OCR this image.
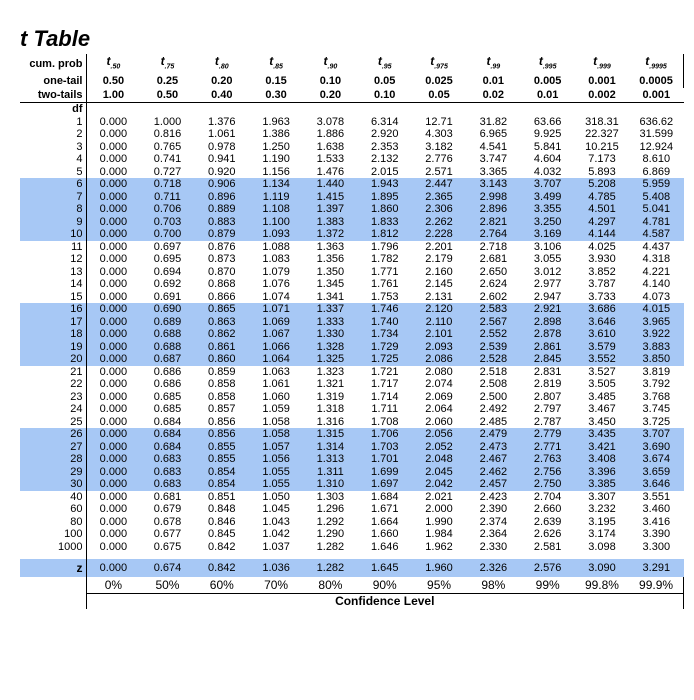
t Table
cum. prob	$t_{.50}$	$t_{.75}$	$t_{.80}$	$t_{.85}$	$t_{.90}$	$t_{.95}$	$t_{.975}$	$t_{.99}$	$t_{.995}$	$t_{.999}$	$t_{.9995}$
one-tail	0.50	0.25	0.20	0.15	0.10	0.05	0.025	0.01	0.005	0.001	0.0005
two-tails	1.00	0.50	0.40	0.30	0.20	0.10	0.05	0.02	0.01	0.002	0.001
df											
1	0.000	1.000	1.376	1.963	3.078	6.314	12.71	31.82	63.66	318.31	636.62
2	0.000	0.816	1.061	1.386	1.886	2.920	4.303	6.965	9.925	22.327	31.599
3	0.000	0.765	0.978	1.250	1.638	2.353	3.182	4.541	5.841	10.215	12.924
4	0.000	0.741	0.941	1.190	1.533	2.132	2.776	3.747	4.604	7.173	8.610
5	0.000	0.727	0.920	1.156	1.476	2.015	2.571	3.365	4.032	5.893	6.869
6	0.000	0.718	0.906	1.134	1.440	1.943	2.447	3.143	3.707	5.208	5.959
7	0.000	0.711	0.896	1.119	1.415	1.895	2.365	2.998	3.499	4.785	5.408
8	0.000	0.706	0.889	1.108	1.397	1.860	2.306	2.896	3.355	4.501	5.041
9	0.000	0.703	0.883	1.100	1.383	1.833	2.262	2.821	3.250	4.297	4.781
10	0.000	0.700	0.879	1.093	1.372	1.812	2.228	2.764	3.169	4.144	4.587
11	0.000	0.697	0.876	1.088	1.363	1.796	2.201	2.718	3.106	4.025	4.437
12	0.000	0.695	0.873	1.083	1.356	1.782	2.179	2.681	3.055	3.930	4.318
13	0.000	0.694	0.870	1.079	1.350	1.771	2.160	2.650	3.012	3.852	4.221
14	0.000	0.692	0.868	1.076	1.345	1.761	2.145	2.624	2.977	3.787	4.140
15	0.000	0.691	0.866	1.074	1.341	1.753	2.131	2.602	2.947	3.733	4.073
16	0.000	0.690	0.865	1.071	1.337	1.746	2.120	2.583	2.921	3.686	4.015
17	0.000	0.689	0.863	1.069	1.333	1.740	2.110	2.567	2.898	3.646	3.965
18	0.000	0.688	0.862	1.067	1.330	1.734	2.101	2.552	2.878	3.610	3.922
19	0.000	0.688	0.861	1.066	1.328	1.729	2.093	2.539	2.861	3.579	3.883
20	0.000	0.687	0.860	1.064	1.325	1.725	2.086	2.528	2.845	3.552	3.850
21	0.000	0.686	0.859	1.063	1.323	1.721	2.080	2.518	2.831	3.527	3.819
22	0.000	0.686	0.858	1.061	1.321	1.717	2.074	2.508	2.819	3.505	3.792
23	0.000	0.685	0.858	1.060	1.319	1.714	2.069	2.500	2.807	3.485	3.768
24	0.000	0.685	0.857	1.059	1.318	1.711	2.064	2.492	2.797	3.467	3.745
25	0.000	0.684	0.856	1.058	1.316	1.708	2.060	2.485	2.787	3.450	3.725
26	0.000	0.684	0.856	1.058	1.315	1.706	2.056	2.479	2.779	3.435	3.707
27	0.000	0.684	0.855	1.057	1.314	1.703	2.052	2.473	2.771	3.421	3.690
28	0.000	0.683	0.855	1.056	1.313	1.701	2.048	2.467	2.763	3.408	3.674
29	0.000	0.683	0.854	1.055	1.311	1.699	2.045	2.462	2.756	3.396	3.659
30	0.000	0.683	0.854	1.055	1.310	1.697	2.042	2.457	2.750	3.385	3.646
40	0.000	0.681	0.851	1.050	1.303	1.684	2.021	2.423	2.704	3.307	3.551
60	0.000	0.679	0.848	1.045	1.296	1.671	2.000	2.390	2.660	3.232	3.460
80	0.000	0.678	0.846	1.043	1.292	1.664	1.990	2.374	2.639	3.195	3.416
100	0.000	0.677	0.845	1.042	1.290	1.660	1.984	2.364	2.626	3.174	3.390
1000	0.000	0.675	0.842	1.037	1.282	1.646	1.962	2.330	2.581	3.098	3.300

z	0.000	0.674	0.842	1.036	1.282	1.645	1.960	2.326	2.576	3.090	3.291
	0%	50%	60%	70%	80%	90%	95%	98%	99%	99.8%	99.9%
	Confidence Level										
